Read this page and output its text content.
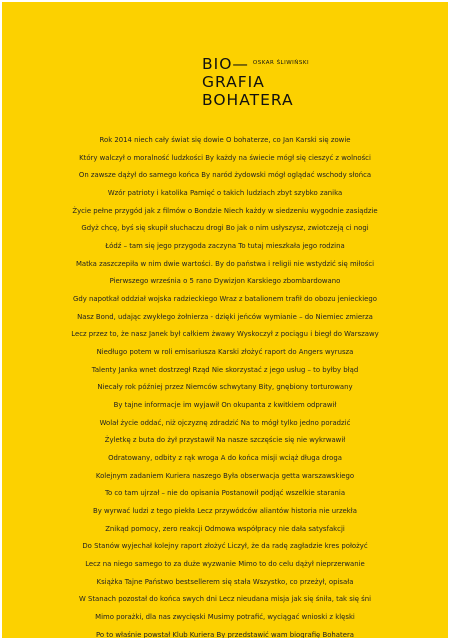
BIO— OSKAR ŚLIWIŃSKI
GRAFIA
BOHATERA
Rok 2014 niech cały świat się dowie O bohaterze, co Jan Karski się zowie
Który walczył o moralność ludzkości By każdy na świecie mógł się cieszyć z wolności
On zawsze dążył do samego końca By naród żydowski mógł oglądać wschody słońca
Wzór patrioty i katolika Pamięć o takich ludziach zbyt szybko zanika
Życie pełne przygód jak z filmów o Bondzie Niech każdy w siedzeniu wygodnie zasiądzie
Gdyż chcę, byś się skupił słuchaczu drogi Bo jak o nim usłyszysz, zwiotczeją ci nogi
Łódź – tam się jego przygoda zaczyna To tutaj mieszkała jego rodzina
Matka zaszczepiła w nim dwie wartości. By do państwa i religii nie wstydzić się miłości
Pierwszego września o 5 rano Dywizjon Karskiego zbombardowano
Gdy napotkał oddział wojska radzieckiego Wraz z batalionem trafił do obozu jenieckiego
Nasz Bond, udając zwykłego żołnierza - dzięki jeńców wymianie – do Niemiec zmierza
Lecz przez to, że nasz Janek był całkiem żwawy Wyskoczył z pociągu i biegł do Warszawy
Niedługo potem w roli emisariusza Karski złożyć raport do Angers wyrusza
Talenty Janka wnet dostrzegł Rząd Nie skorzystać z jego usług – to byłby błąd
Niecały rok później przez Niemców schwytany Bity, gnębiony torturowany
By tajne informacje im wyjawił On okupanta z kwitkiem odprawił
Wolał życie oddać, niż ojczyznę zdradzić Na to mógł tylko jedno poradzić
Żyletkę z buta do żył przystawił Na nasze szczęście się nie wykrwawił
Odratowany, odbity z rąk wroga A do końca misji wciąż długa droga
Kolejnym zadaniem Kuriera naszego Była obserwacja getta warszawskiego
To co tam ujrzał – nie do opisania Postanowił podjąć wszelkie starania
By wyrwać ludzi z tego piekła Lecz przywódców aliantów historia nie urzekła
Znikąd pomocy, zero reakcji Odmowa współpracy nie dała satysfakcji
Do Stanów wyjechał kolejny raport złożyć Liczył, że da radę zagładzie kres położyć
Lecz na niego samego to za duże wyzwanie Mimo to do celu dążył nieprzerwanie
Książka Tajne Państwo bestsellerem się stała Wszystko, co przeżył, opisała
W Stanach pozostał do końca swych dni Lecz nieudana misja jak się śniła, tak się śni
Mimo porażki, dla nas zwycięski Musimy potrafić, wyciągać wnioski z klęski
Po to właśnie powstał Klub Kuriera By przedstawić wam biografię Bohatera
